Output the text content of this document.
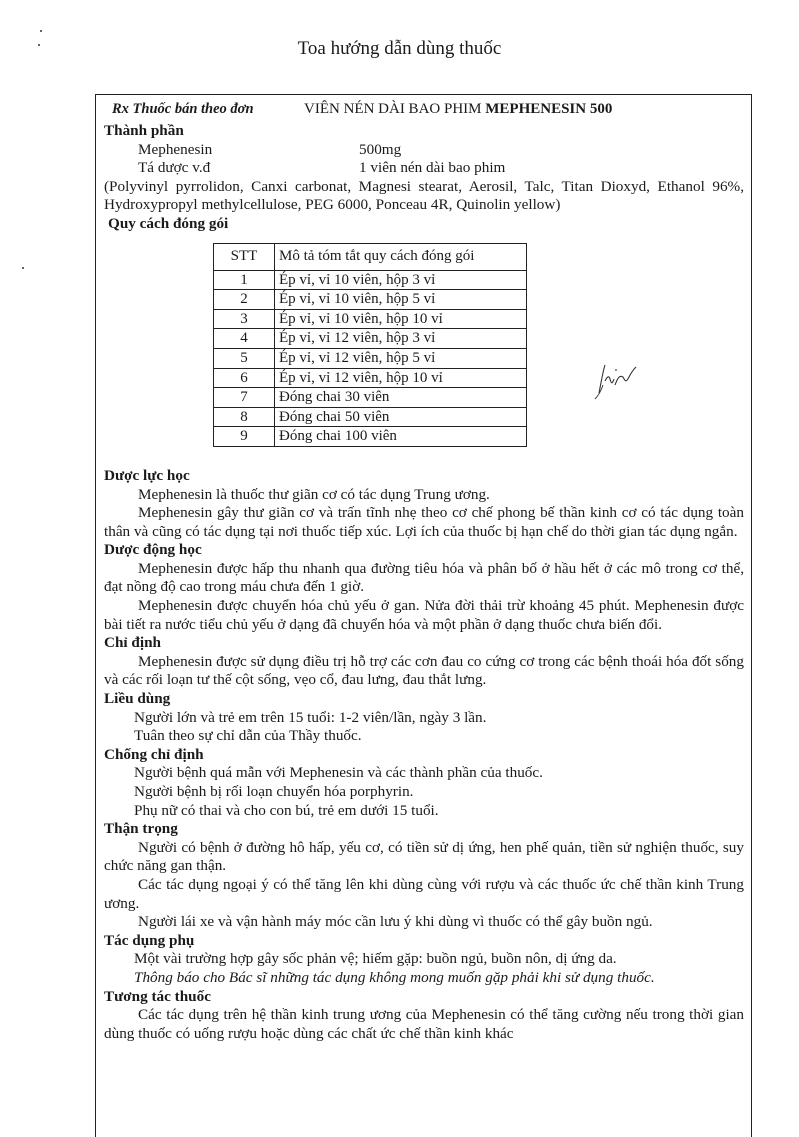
Toa hướng dẫn dùng thuốc
Rx Thuốc bán theo đơn	VIÊN NÉN DÀI BAO PHIM MEPHENESIN 500

Thành phần

Mephenesin	500mg
Tá dược v.đ	1 viên nén dài bao phim

(Polyvinyl pyrrolidon, Canxi carbonat, Magnesi stearat, Aerosil, Talc, Titan Dioxyd, Ethanol 96%, Hydroxypropyl methylcellulose, PEG 6000, Ponceau 4R, Quinolin yellow)

Quy cách đóng gói

STT	Mô tả tóm tắt quy cách đóng gói
1	Ép vỉ, vỉ 10 viên, hộp 3 vỉ
2	Ép vỉ, vỉ 10 viên, hộp 5 vỉ
3	Ép vỉ, vỉ 10 viên, hộp 10 vỉ
4	Ép vỉ, vỉ 12 viên, hộp 3 vỉ
5	Ép vỉ, vỉ 12 viên, hộp 5 vỉ
6	Ép vỉ, vỉ 12 viên, hộp 10 vỉ
7	Đóng chai 30 viên
8	Đóng chai 50 viên
9	Đóng chai 100 viên

Dược lực học

Mephenesin là thuốc thư giãn cơ có tác dụng Trung ương.

Mephenesin gây thư giãn cơ và trấn tĩnh nhẹ theo cơ chế phong bế thần kinh cơ có tác dụng toàn thân và cũng có tác dụng tại nơi thuốc tiếp xúc. Lợi ích của thuốc bị hạn chế do thời gian tác dụng ngắn.

Dược động học

Mephenesin được hấp thu nhanh qua đường tiêu hóa và phân bố ở hầu hết ở các mô trong cơ thể, đạt nồng độ cao trong máu chưa đến 1 giờ.

Mephenesin được chuyển hóa chủ yếu ở gan. Nửa đời thải trừ khoảng 45 phút. Mephenesin được bài tiết ra nước tiểu chủ yếu ở dạng đã chuyển hóa và một phần ở dạng thuốc chưa biến đổi.

Chỉ định

Mephenesin được sử dụng điều trị hỗ trợ các cơn đau co cứng cơ trong các bệnh thoái hóa đốt sống và các rối loạn tư thế cột sống, vẹo cổ, đau lưng, đau thắt lưng.

Liều dùng

Người lớn và trẻ em trên 15 tuổi: 1-2 viên/lần, ngày 3 lần.

Tuân theo sự chỉ dẫn của Thầy thuốc.

Chống chỉ định

Người bệnh quá mẫn với Mephenesin và các thành phần của thuốc.

Người bệnh bị rối loạn chuyển hóa porphyrin.

Phụ nữ có thai và cho con bú, trẻ em dưới 15 tuổi.

Thận trọng

Người có bệnh ở đường hô hấp, yếu cơ, có tiền sử dị ứng, hen phế quản, tiền sử nghiện thuốc, suy chức năng gan thận.

Các tác dụng ngoại ý có thể tăng lên khi dùng cùng với rượu và các thuốc ức chế thần kinh Trung ương.

Người lái xe và vận hành máy móc cần lưu ý khi dùng vì thuốc có thể gây buồn ngủ.

Tác dụng phụ

Một vài trường hợp gây sốc phản vệ; hiếm gặp: buồn ngủ, buồn nôn, dị ứng da.

Thông báo cho Bác sĩ những tác dụng không mong muốn gặp phải khi sử dụng thuốc.

Tương tác thuốc

Các tác dụng trên hệ thần kinh trung ương của Mephenesin có thể tăng cường nếu trong thời gian dùng thuốc có uống rượu hoặc dùng các chất ức chế thần kinh khác
